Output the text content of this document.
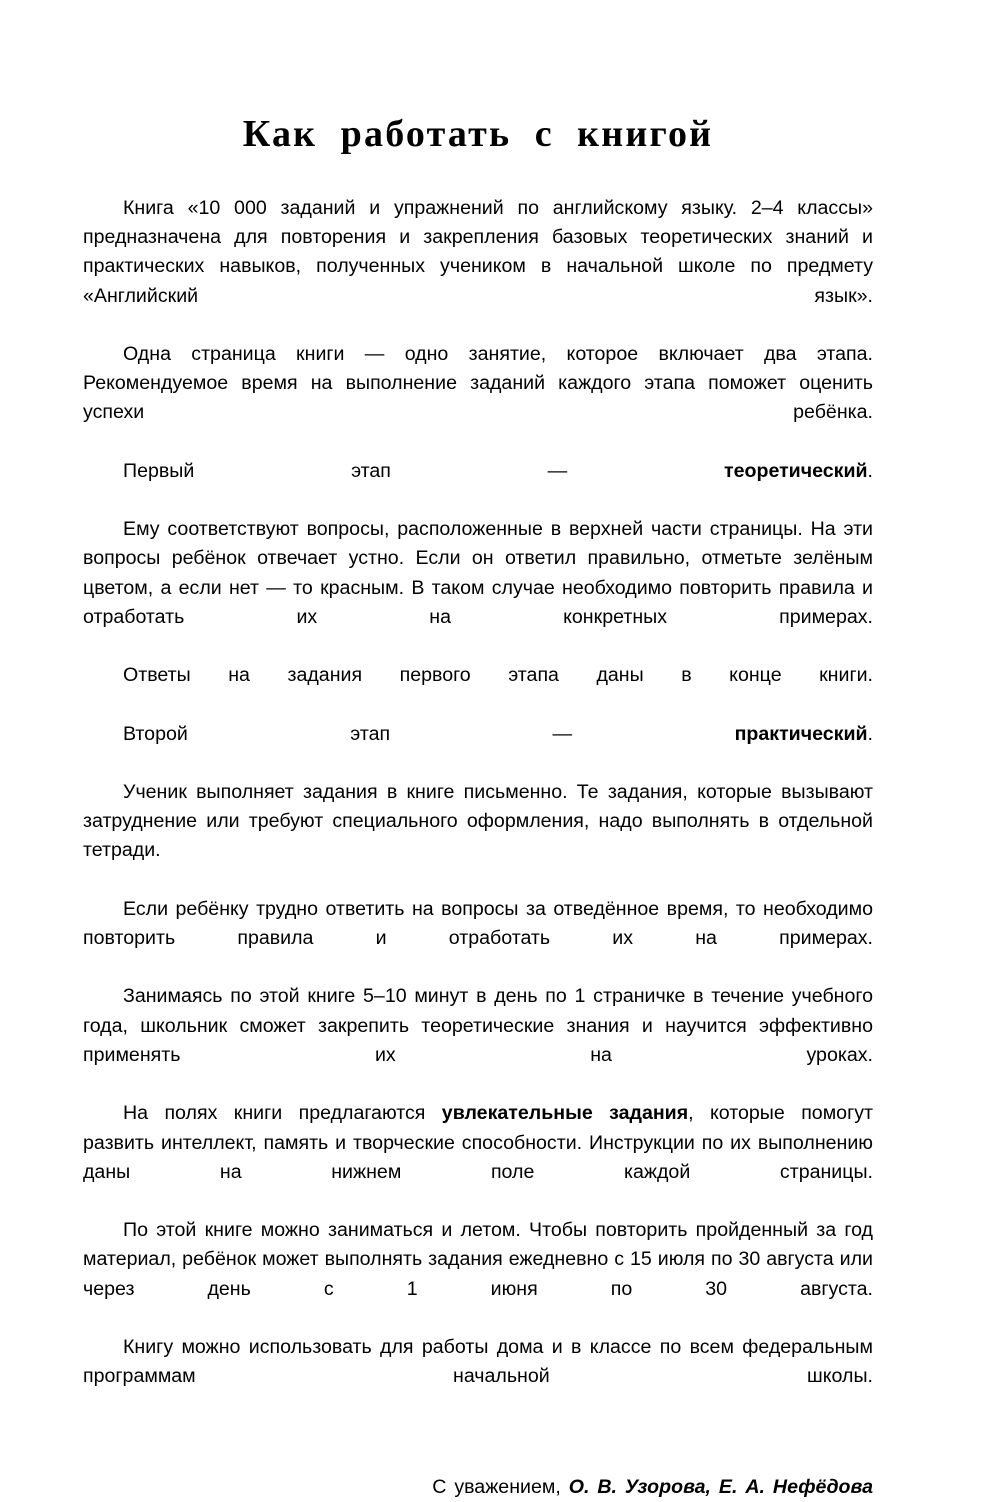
Как  работать  с  книгой

Книга «10 000 заданий и упражнений по английскому языку. 2–4 классы» предназначена для повторения и закрепления базовых теоретических знаний и практических навыков, полученных учеником в начальной школе по предмету «Английский язык».

Одна страница книги — одно занятие, которое включает два этапа. Рекомендуемое время на выполнение заданий каждого этапа поможет оценить успехи ребёнка.

Первый этап — теоретический.

Ему соответствуют вопросы, расположенные в верхней части страницы. На эти вопросы ребёнок отвечает устно. Если он ответил правильно, отметьте зелёным цветом, а если нет — то красным. В таком случае необходимо повторить правила и отработать их на конкретных примерах.

Ответы на задания первого этапа даны в конце книги.

Второй этап — практический.

Ученик выполняет задания в книге письменно. Те задания, которые вызывают затруднение или требуют специального оформления, надо выполнять в отдельной тетради.

Если ребёнку трудно ответить на вопросы за отведённое время, то необходимо повторить правила и отработать их на примерах.

Занимаясь по этой книге 5–10 минут в день по 1 страничке в течение учебного года, школьник сможет закрепить теоретические знания и научится эффективно применять их на уроках.

На полях книги предлагаются увлекательные задания, которые помогут развить интеллект, память и творческие способности. Инструкции по их выполнению даны на нижнем поле каждой страницы.

По этой книге можно заниматься и летом. Чтобы повторить пройденный за год материал, ребёнок может выполнять задания ежедневно с 15 июля по 30 августа или через день с 1 июня по 30 августа.

Книгу можно использовать для работы дома и в классе по всем федеральным программам начальной школы.

С уважением, О. В. Узорова, Е. А. Нефёдова
